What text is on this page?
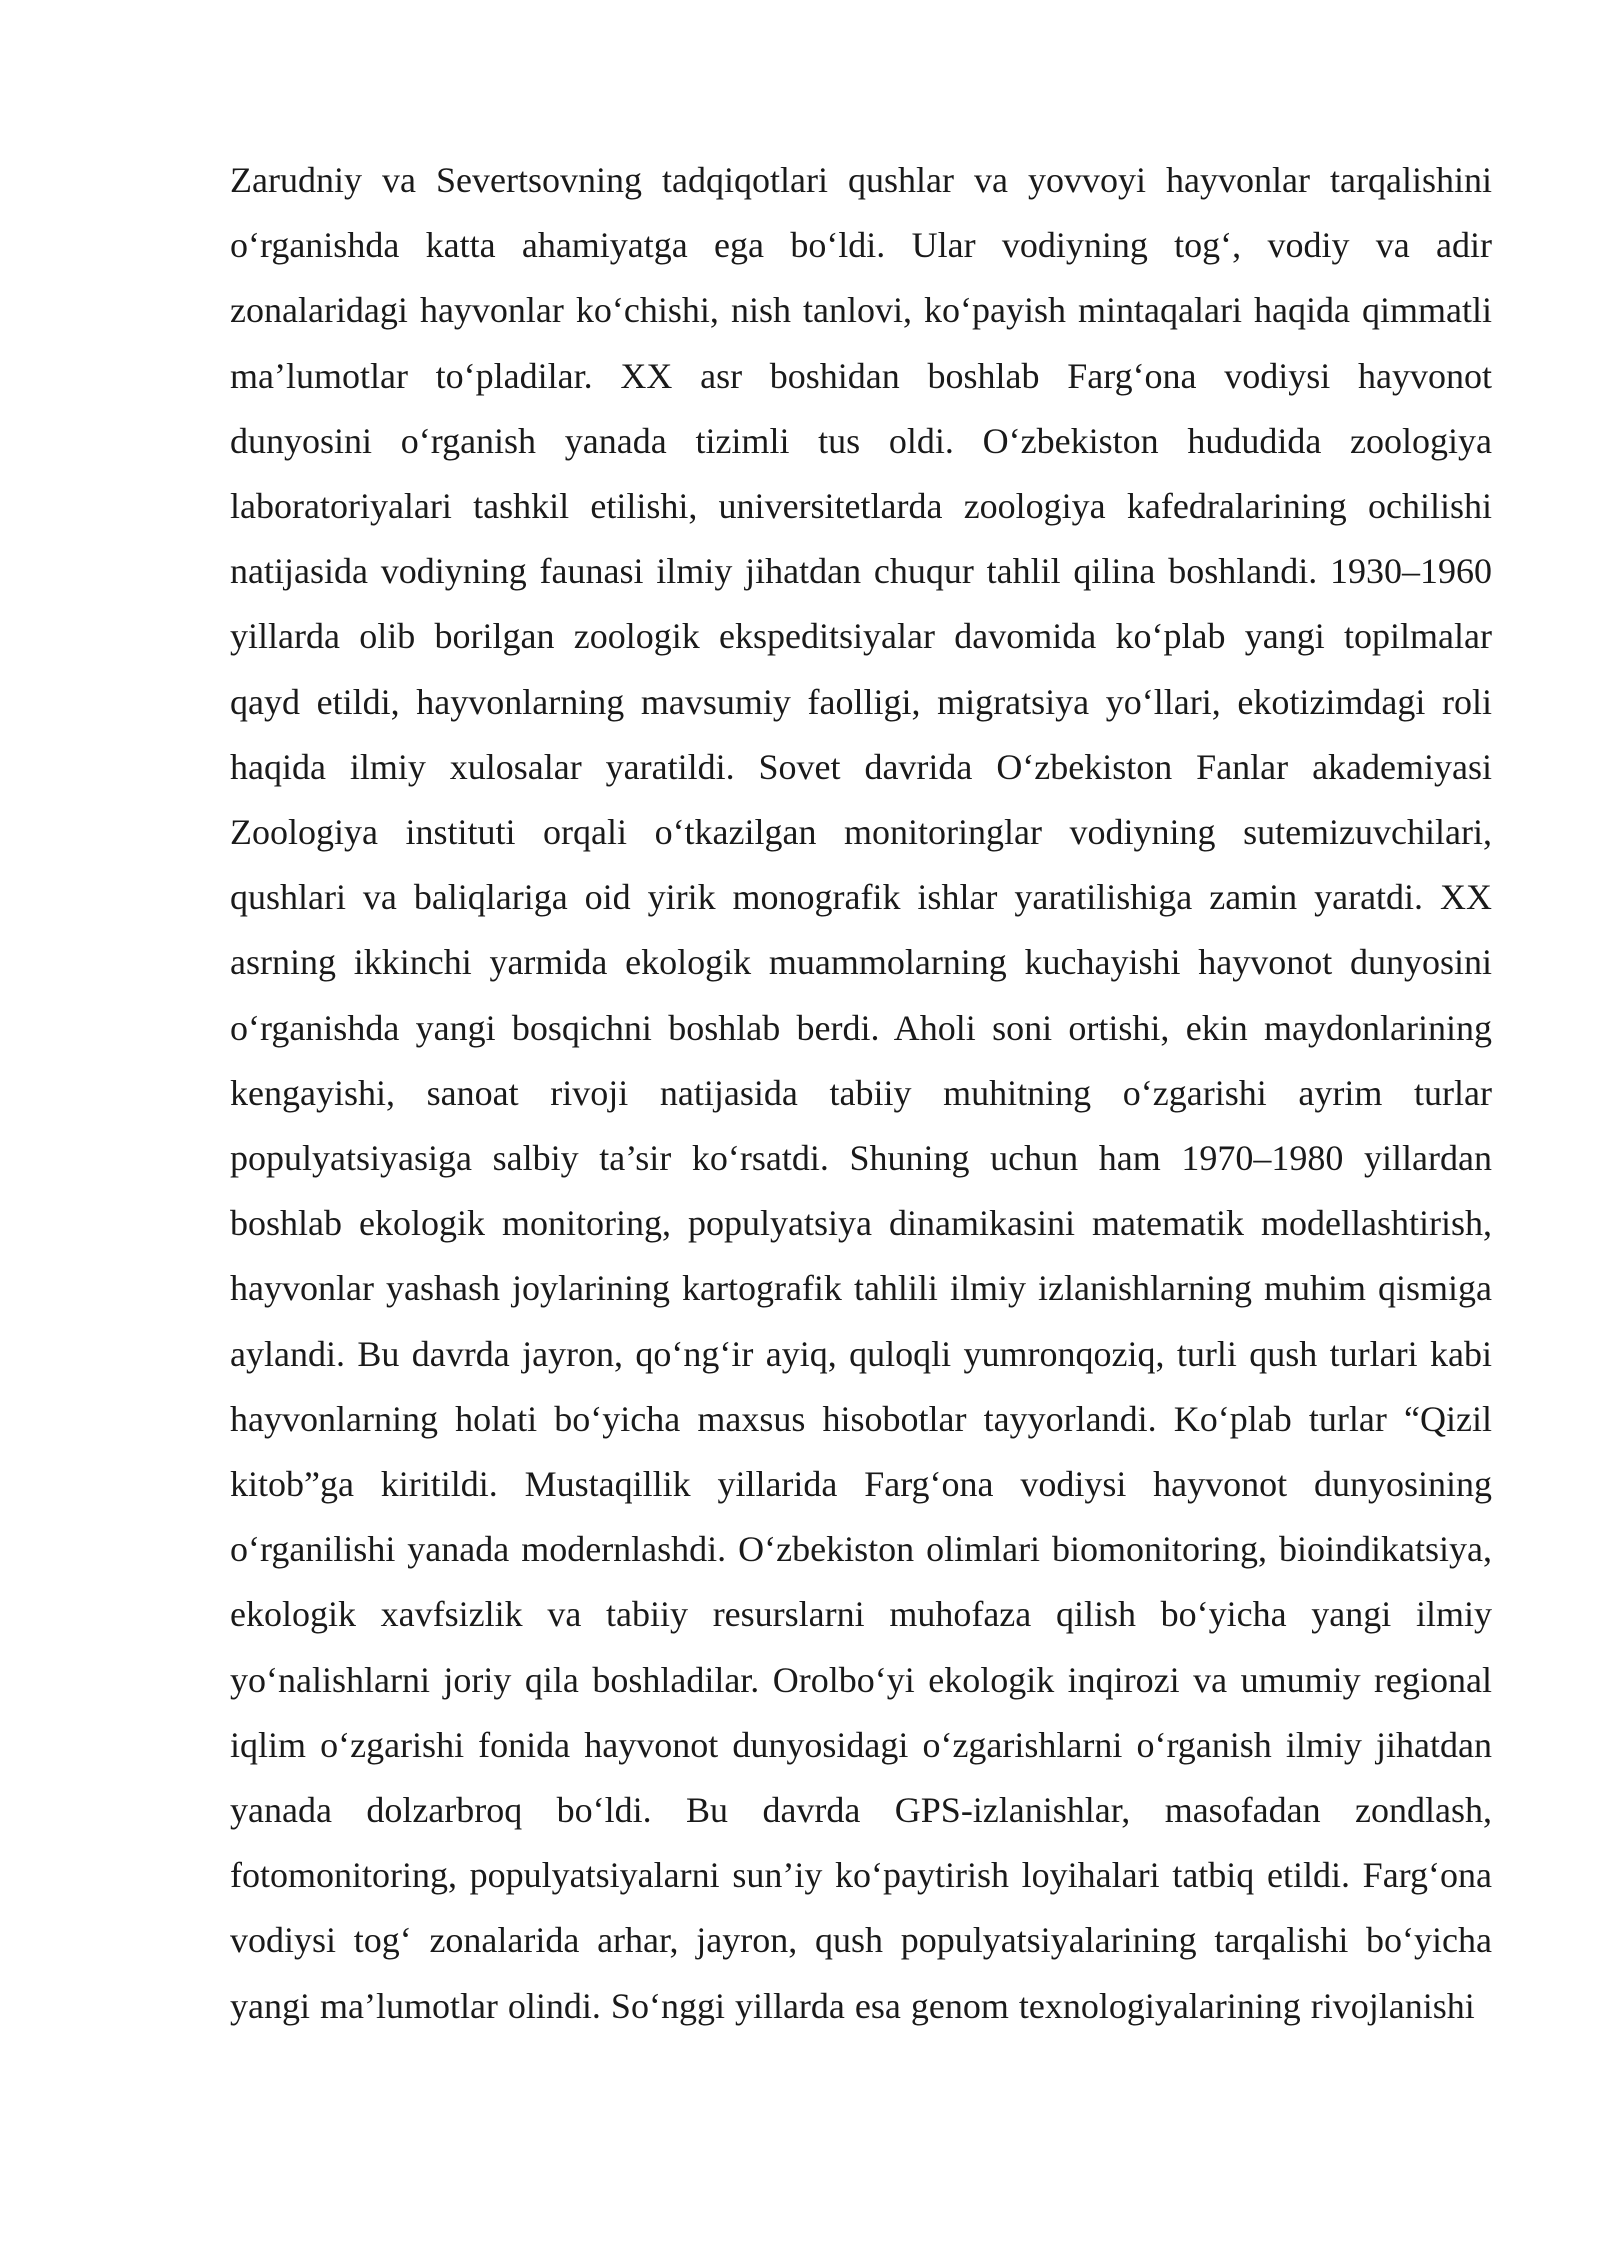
Zarudniy va Severtsovning tadqiqotlari qushlar va yovvoyi hayvonlar tarqalishini o‘rganishda katta ahamiyatga ega bo‘ldi. Ular vodiyning tog‘, vodiy va adir zonalaridagi hayvonlar ko‘chishi, nish tanlovi, ko‘payish mintaqalari haqida qimmatli ma’lumotlar to‘pladilar. XX asr boshidan boshlab Farg‘ona vodiysi hayvonot dunyosini o‘rganish yanada tizimli tus oldi. O‘zbekiston hududida zoologiya laboratoriyalari tashkil etilishi, universitetlarda zoologiya kafedralarining ochilishi natijasida vodiyning faunasi ilmiy jihatdan chuqur tahlil qilina boshlandi. 1930–1960 yillarda olib borilgan zoologik ekspeditsiyalar davomida ko‘plab yangi topilmalar qayd etildi, hayvonlarning mavsumiy faolligi, migratsiya yo‘llari, ekotizimdagi roli haqida ilmiy xulosalar yaratildi. Sovet davrida O‘zbekiston Fanlar akademiyasi Zoologiya instituti orqali o‘tkazilgan monitoringlar vodiyning sutemizuvchilari, qushlari va baliqlariga oid yirik monografik ishlar yaratilishiga zamin yaratdi. XX asrning ikkinchi yarmida ekologik muammolarning kuchayishi hayvonot dunyosini o‘rganishda yangi bosqichni boshlab berdi. Aholi soni ortishi, ekin maydonlarining kengayishi, sanoat rivoji natijasida tabiiy muhitning o‘zgarishi ayrim turlar populyatsiyasiga salbiy ta’sir ko‘rsatdi. Shuning uchun ham 1970–1980 yillardan boshlab ekologik monitoring, populyatsiya dinamikasini matematik modellashtirish, hayvonlar yashash joylarining kartografik tahlili ilmiy izlanishlarning muhim qismiga aylandi. Bu davrda jayron, qo‘ng‘ir ayiq, quloqli yumronqoziq, turli qush turlari kabi hayvonlarning holati bo‘yicha maxsus hisobotlar tayyorlandi. Ko‘plab turlar “Qizil kitob”ga kiritildi. Mustaqillik yillarida Farg‘ona vodiysi hayvonot dunyosining o‘rganilishi yanada modernlashdi. O‘zbekiston olimlari biomonitoring, bioindikatsiya, ekologik xavfsizlik va tabiiy resurslarni muhofaza qilish bo‘yicha yangi ilmiy yo‘nalishlarni joriy qila boshladilar. Orolbo‘yi ekologik inqirozi va umumiy regional iqlim o‘zgarishi fonida hayvonot dunyosidagi o‘zgarishlarni o‘rganish ilmiy jihatdan yanada dolzarbroq bo‘ldi. Bu davrda GPS-izlanishlar, masofadan zondlash, fotomonitoring, populyatsiyalarni sun’iy ko‘paytirish loyihalari tatbiq etildi. Farg‘ona vodiysi tog‘ zonalarida arhar, jayron, qush populyatsiyalarining tarqalishi bo‘yicha yangi ma’lumotlar olindi. So‘nggi yillarda esa genom texnologiyalarining rivojlanishi
